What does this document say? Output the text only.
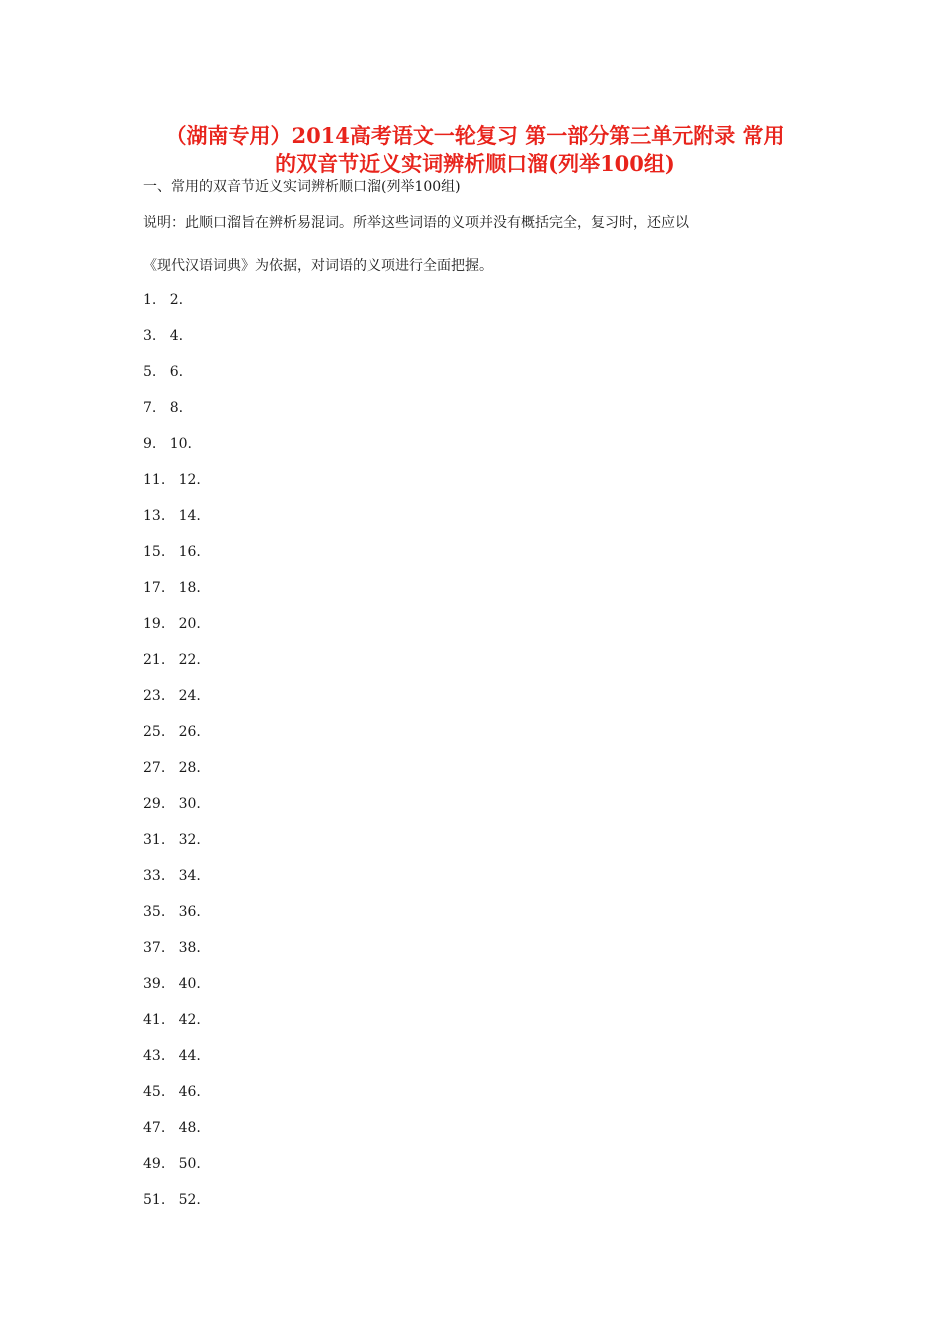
（湖南专用）2014高考语文一轮复习 第一部分第三单元附录 常用
的双音节近义实词辨析顺口溜(列举100组)
一、常用的双音节近义实词辨析顺口溜(列举100组)
说明：此顺口溜旨在辨析易混词。所举这些词语的义项并没有概括完全，复习时，还应以
《现代汉语词典》为依据，对词语的义项进行全面把握。
1.   2.
3.   4.
5.   6.
7.   8.
9.   10.
11.   12.
13.   14.
15.   16.
17.   18.
19.   20.
21.   22.
23.   24.
25.   26.
27.   28.
29.   30.
31.   32.
33.   34.
35.   36.
37.   38.
39.   40.
41.   42.
43.   44.
45.   46.
47.   48.
49.   50.
51.   52.
